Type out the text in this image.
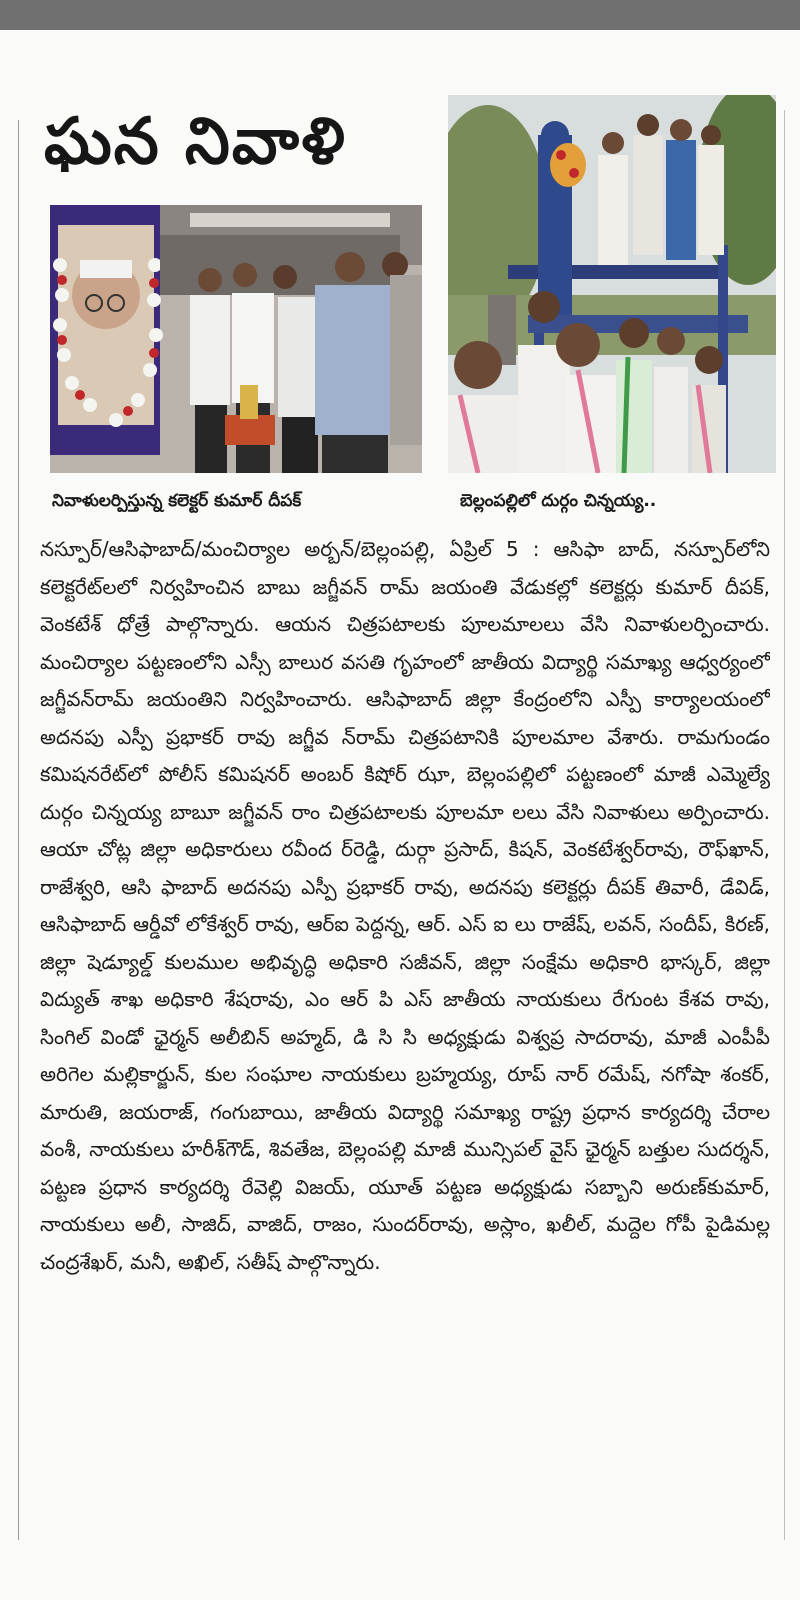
ఘన నివాళి
నివాళులర్పిస్తున్న కలెక్టర్ కుమార్ దీపక్	బెల్లంపల్లిలో దుర్గం చిన్నయ్య..

నస్పూర్/ఆసిఫాబాద్/మంచిర్యాల అర్బన్/బెల్లంపల్లి, ఏప్రిల్ 5 : ఆసిఫా బాద్, నస్పూర్‌లోని కలెక్టరేట్‌లలో నిర్వహించిన బాబు జగ్జీవన్ రామ్ జయంతి వేడుకల్లో కలెక్టర్లు కుమార్ దీపక్, వెంకటేశ్ ధోత్రే పాల్గొన్నారు. ఆయన చిత్రపటాలకు పూలమాలలు వేసి నివాళులర్పించారు. మంచిర్యాల పట్టణంలోని ఎస్సీ బాలుర వసతి గృహంలో జాతీయ విద్యార్థి సమాఖ్య ఆధ్వర్యంలో జగ్జీవన్‌రామ్ జయంతిని నిర్వహించారు. ఆసిఫాబాద్ జిల్లా కేంద్రంలోని ఎస్పీ కార్యాలయంలో అదనపు ఎస్పీ ప్రభాకర్ రావు జగ్జీవ న్‌రామ్ చిత్రపటానికి పూలమాల వేశారు. రామగుండం కమిషనరేట్‌లో పోలీస్ కమిషనర్ అంబర్ కిషోర్ ఝా, బెల్లంపల్లిలో పట్టణంలో మాజీ ఎమ్మెల్యే దుర్గం చిన్నయ్య బాబూ జగ్జీవన్ రాం చిత్రపటాలకు పూలమా లలు వేసి నివాళులు అర్పించారు. ఆయా చోట్ల జిల్లా అధికారులు రవీంద ర్‌రెడ్డి, దుర్గా ప్రసాద్, కిషన్, వెంకటేశ్వర్‌రావు, రౌఫ్‌ఖాన్, రాజేశ్వరి, ఆసి ఫాబాద్ అదనపు ఎస్పీ ప్రభాకర్ రావు, అదనపు కలెక్టర్లు దీపక్ తివారీ, డేవిడ్, ఆసిఫాబాద్ ఆర్డీవో లోకేశ్వర్ రావు, ఆర్ఐ పెద్దన్న, ఆర్. ఎస్ ఐ లు రాజేష్, లవన్, సందీప్, కిరణ్, జిల్లా షెడ్యూల్డ్ కులముల అభివృద్ధి అధికారి సజీవన్, జిల్లా సంక్షేమ అధికారి భాస్కర్, జిల్లా విద్యుత్ శాఖ అధికారి శేషరావు, ఎం ఆర్ పి ఎస్ జాతీయ నాయకులు రేగుంట కేశవ రావు, సింగిల్ విండో ఛైర్మన్ అలీబిన్ అహ్మద్, డి సి సి అధ్యక్షుడు విశ్వప్ర సాదరావు, మాజీ ఎంపీపీ అరిగెల మల్లికార్జున్, కుల సంఘాల నాయకులు బ్రహ్మయ్య, రూప్ నార్ రమేష్, నగోషా శంకర్, మారుతి, జయరాజ్, గంగుబాయి, జాతీయ విద్యార్థి సమాఖ్య రాష్ట్ర ప్రధాన కార్యదర్శి చేరాల వంశీ, నాయకులు హరీశ్‌గౌడ్, శివతేజ, బెల్లంపల్లి మాజీ మున్సిపల్ వైస్ ఛైర్మన్ బత్తుల సుదర్శన్, పట్టణ ప్రధాన కార్యదర్శి రేవెల్లి విజయ్, యూత్ పట్టణ అధ్యక్షుడు సబ్బాని అరుణ్‌కుమార్, నాయకులు అలీ, సాజిద్, వాజిద్, రాజం, సుందర్‌రావు, అస్లాం, ఖలీల్, మద్దెల గోపీ పైడిమల్ల చంద్రశేఖర్, మనీ, అఖిల్, సతీష్ పాల్గొన్నారు.
